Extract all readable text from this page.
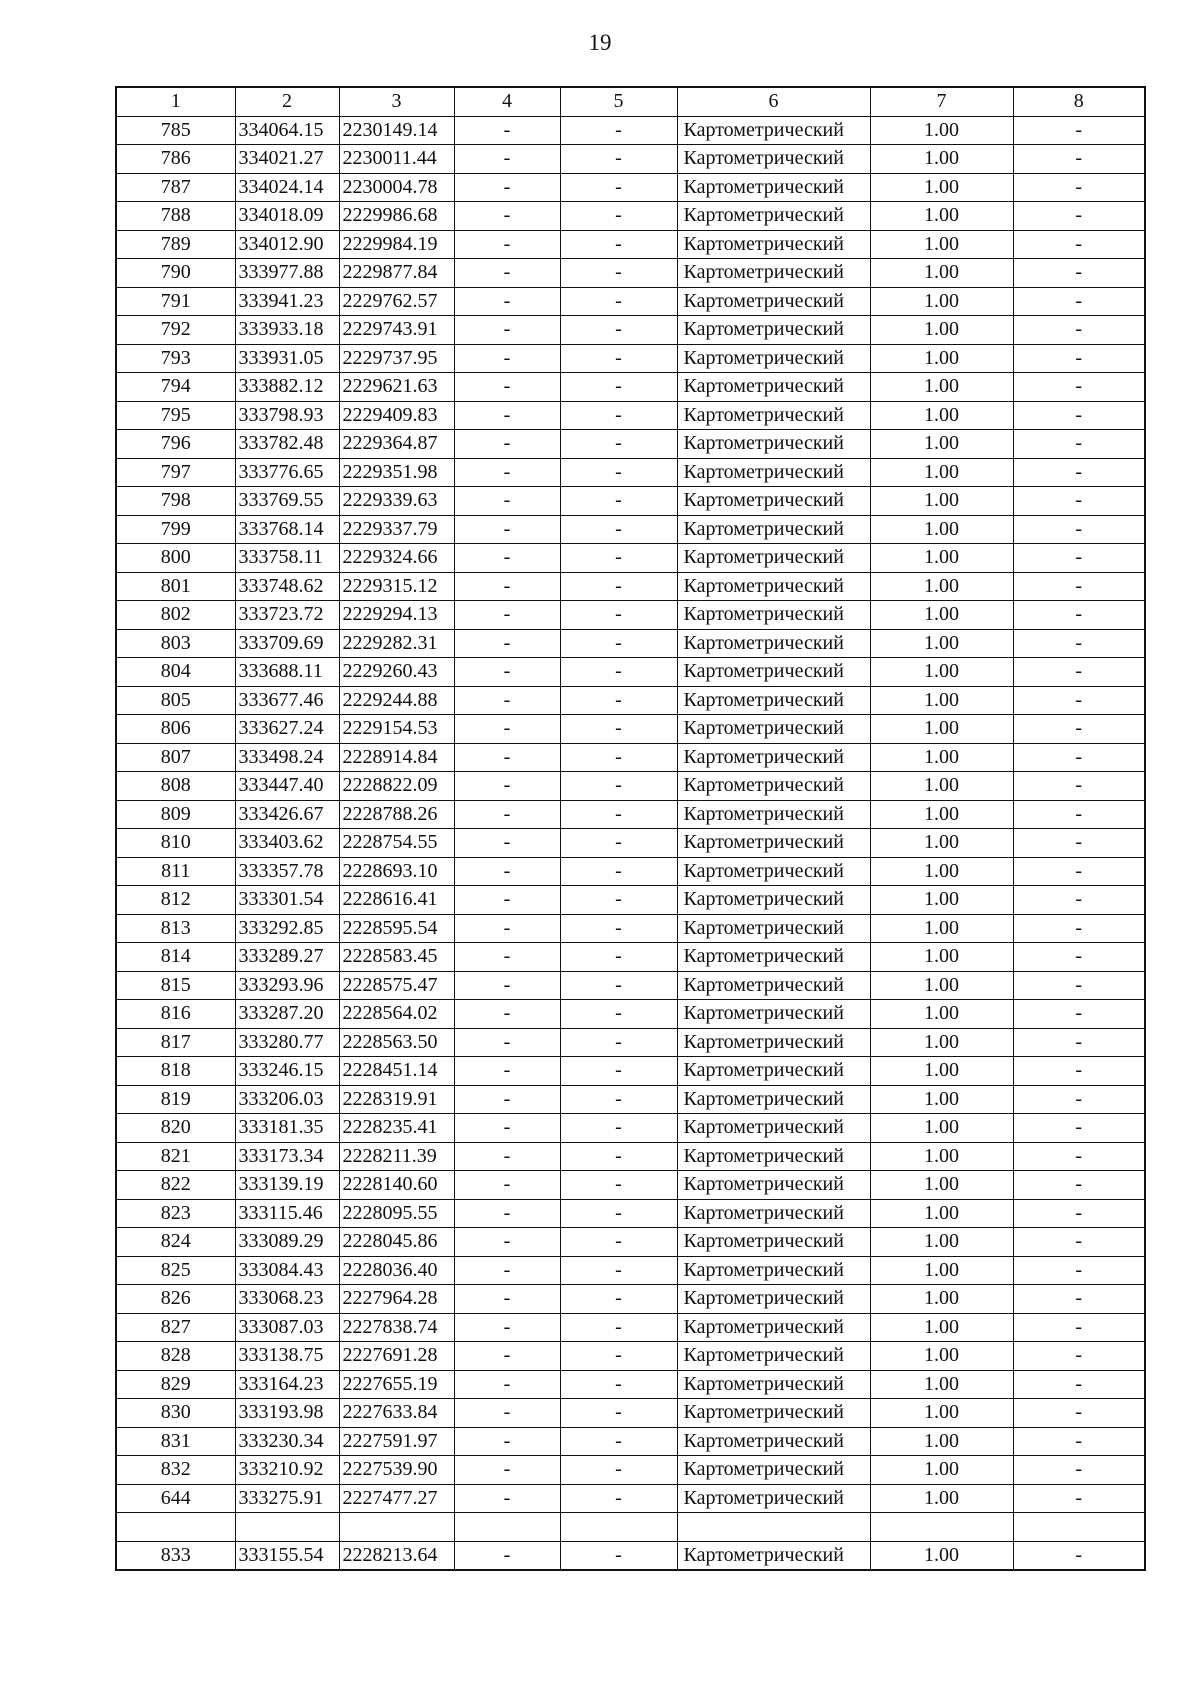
19
1	2	3	4	5	6	7	8
785	334064.15	2230149.14	-	-	Картометрический	1.00	-
786	334021.27	2230011.44	-	-	Картометрический	1.00	-
787	334024.14	2230004.78	-	-	Картометрический	1.00	-
788	334018.09	2229986.68	-	-	Картометрический	1.00	-
789	334012.90	2229984.19	-	-	Картометрический	1.00	-
790	333977.88	2229877.84	-	-	Картометрический	1.00	-
791	333941.23	2229762.57	-	-	Картометрический	1.00	-
792	333933.18	2229743.91	-	-	Картометрический	1.00	-
793	333931.05	2229737.95	-	-	Картометрический	1.00	-
794	333882.12	2229621.63	-	-	Картометрический	1.00	-
795	333798.93	2229409.83	-	-	Картометрический	1.00	-
796	333782.48	2229364.87	-	-	Картометрический	1.00	-
797	333776.65	2229351.98	-	-	Картометрический	1.00	-
798	333769.55	2229339.63	-	-	Картометрический	1.00	-
799	333768.14	2229337.79	-	-	Картометрический	1.00	-
800	333758.11	2229324.66	-	-	Картометрический	1.00	-
801	333748.62	2229315.12	-	-	Картометрический	1.00	-
802	333723.72	2229294.13	-	-	Картометрический	1.00	-
803	333709.69	2229282.31	-	-	Картометрический	1.00	-
804	333688.11	2229260.43	-	-	Картометрический	1.00	-
805	333677.46	2229244.88	-	-	Картометрический	1.00	-
806	333627.24	2229154.53	-	-	Картометрический	1.00	-
807	333498.24	2228914.84	-	-	Картометрический	1.00	-
808	333447.40	2228822.09	-	-	Картометрический	1.00	-
809	333426.67	2228788.26	-	-	Картометрический	1.00	-
810	333403.62	2228754.55	-	-	Картометрический	1.00	-
811	333357.78	2228693.10	-	-	Картометрический	1.00	-
812	333301.54	2228616.41	-	-	Картометрический	1.00	-
813	333292.85	2228595.54	-	-	Картометрический	1.00	-
814	333289.27	2228583.45	-	-	Картометрический	1.00	-
815	333293.96	2228575.47	-	-	Картометрический	1.00	-
816	333287.20	2228564.02	-	-	Картометрический	1.00	-
817	333280.77	2228563.50	-	-	Картометрический	1.00	-
818	333246.15	2228451.14	-	-	Картометрический	1.00	-
819	333206.03	2228319.91	-	-	Картометрический	1.00	-
820	333181.35	2228235.41	-	-	Картометрический	1.00	-
821	333173.34	2228211.39	-	-	Картометрический	1.00	-
822	333139.19	2228140.60	-	-	Картометрический	1.00	-
823	333115.46	2228095.55	-	-	Картометрический	1.00	-
824	333089.29	2228045.86	-	-	Картометрический	1.00	-
825	333084.43	2228036.40	-	-	Картометрический	1.00	-
826	333068.23	2227964.28	-	-	Картометрический	1.00	-
827	333087.03	2227838.74	-	-	Картометрический	1.00	-
828	333138.75	2227691.28	-	-	Картометрический	1.00	-
829	333164.23	2227655.19	-	-	Картометрический	1.00	-
830	333193.98	2227633.84	-	-	Картометрический	1.00	-
831	333230.34	2227591.97	-	-	Картометрический	1.00	-
832	333210.92	2227539.90	-	-	Картометрический	1.00	-
644	333275.91	2227477.27	-	-	Картометрический	1.00	-

833	333155.54	2228213.64	-	-	Картометрический	1.00	-
